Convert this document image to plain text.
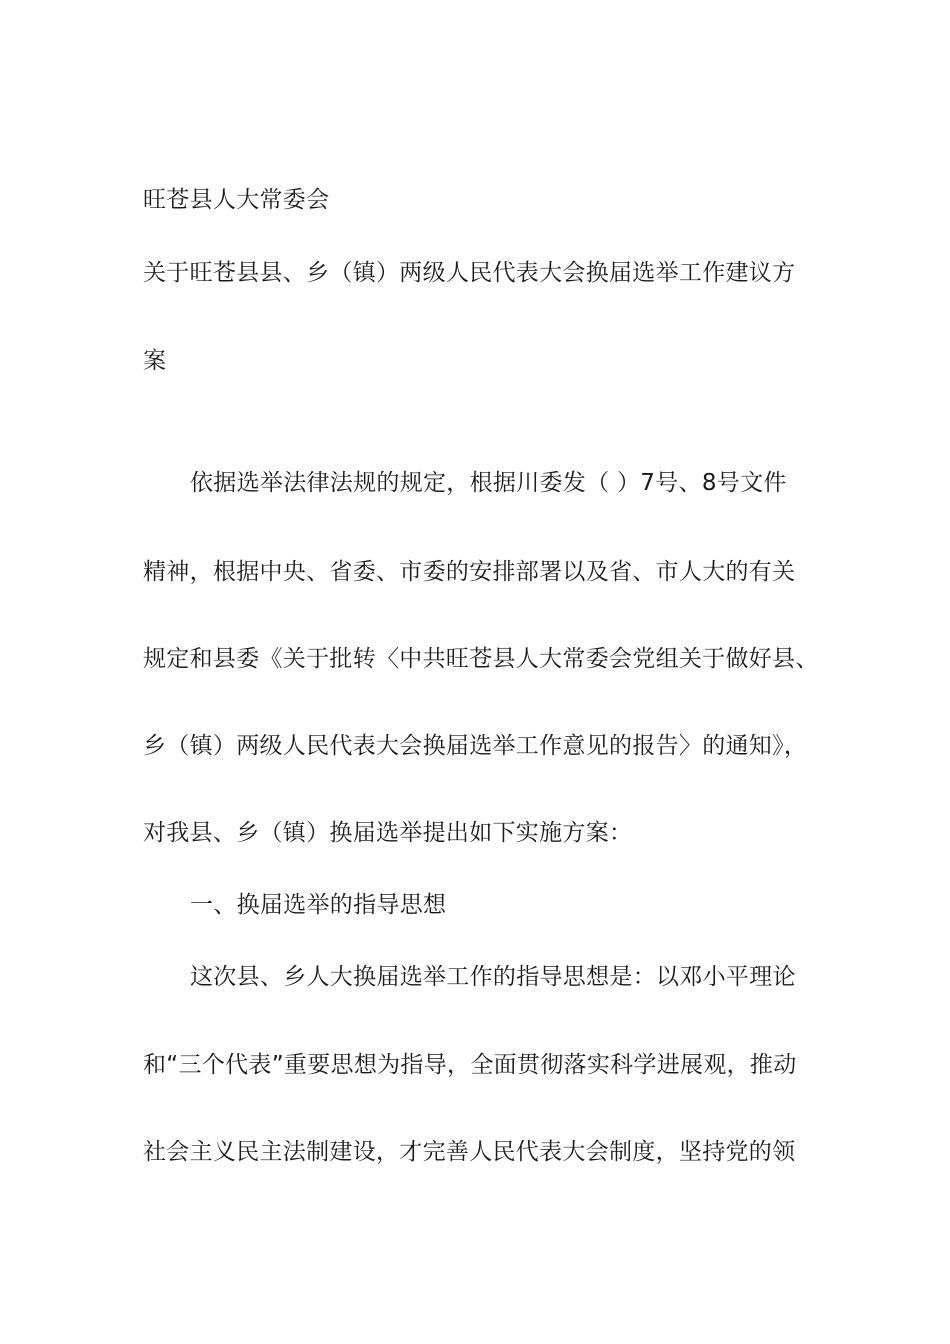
旺苍县人大常委会
关于旺苍县县、乡（镇）两级人民代表大会换届选举工作建议方
案
依据选举法律法规的规定，根据川委发（ ）7号、8号文件
精神，根据中央、省委、市委的安排部署以及省、市人大的有关
规定和县委《关于批转〈中共旺苍县人大常委会党组关于做好县、
乡（镇）两级人民代表大会换届选举工作意见的报告〉的通知》，
对我县、乡（镇）换届选举提出如下实施方案：
一、换届选举的指导思想
这次县、乡人大换届选举工作的指导思想是：以邓小平理论
和“三个代表”重要思想为指导，全面贯彻落实科学进展观，推动
社会主义民主法制建设，才完善人民代表大会制度，坚持党的领
